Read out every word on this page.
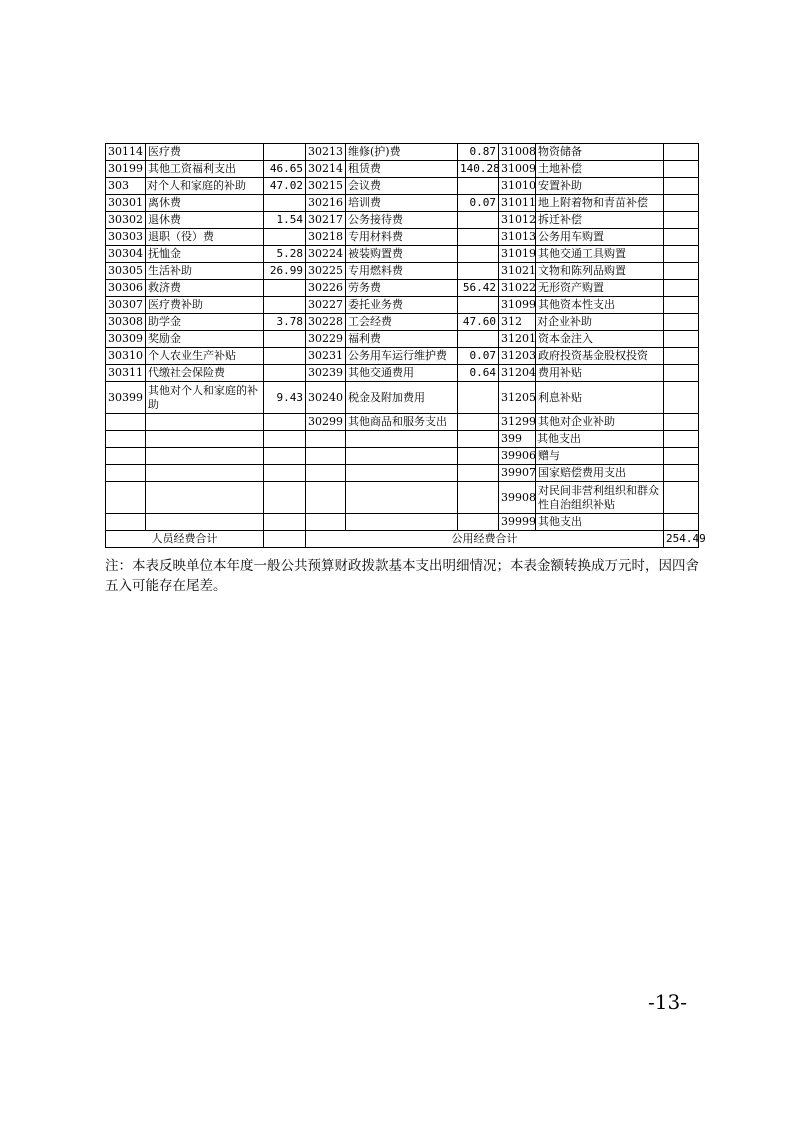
30114	医疗费		30213	维修(护)费	0.87	31008	物资储备	
30199	其他工资福利支出	46.65	30214	租赁费	140.28	31009	土地补偿	
303	对个人和家庭的补助	47.02	30215	会议费		31010	安置补助	
30301	离休费		30216	培训费	0.07	31011	地上附着物和青苗补偿	
30302	退休费	1.54	30217	公务接待费		31012	拆迁补偿	
30303	退职（役）费		30218	专用材料费		31013	公务用车购置	
30304	抚恤金	5.28	30224	被装购置费		31019	其他交通工具购置	
30305	生活补助	26.99	30225	专用燃料费		31021	文物和陈列品购置	
30306	救济费		30226	劳务费	56.42	31022	无形资产购置	
30307	医疗费补助		30227	委托业务费		31099	其他资本性支出	
30308	助学金	3.78	30228	工会经费	47.60	312	对企业补助	
30309	奖励金		30229	福利费		31201	资本金注入	
30310	个人农业生产补贴		30231	公务用车运行维护费	0.07	31203	政府投资基金股权投资	
30311	代缴社会保险费		30239	其他交通费用	0.64	31204	费用补贴	
30399	其他对个人和家庭的补助	9.43	30240	税金及附加费用		31205	利息补贴	
			30299	其他商品和服务支出		31299	其他对企业补助	
						399	其他支出	
						39906	赠与	
						39907	国家赔偿费用支出	
						39908	对民间非营利组织和群众性自治组织补贴	
						39999	其他支出	
人员经费合计			公用经费合计					254.49
注：本表反映单位本年度一般公共预算财政拨款基本支出明细情况；本表金额转换成万元时，因四舍五入可能存在尾差。
-13-
